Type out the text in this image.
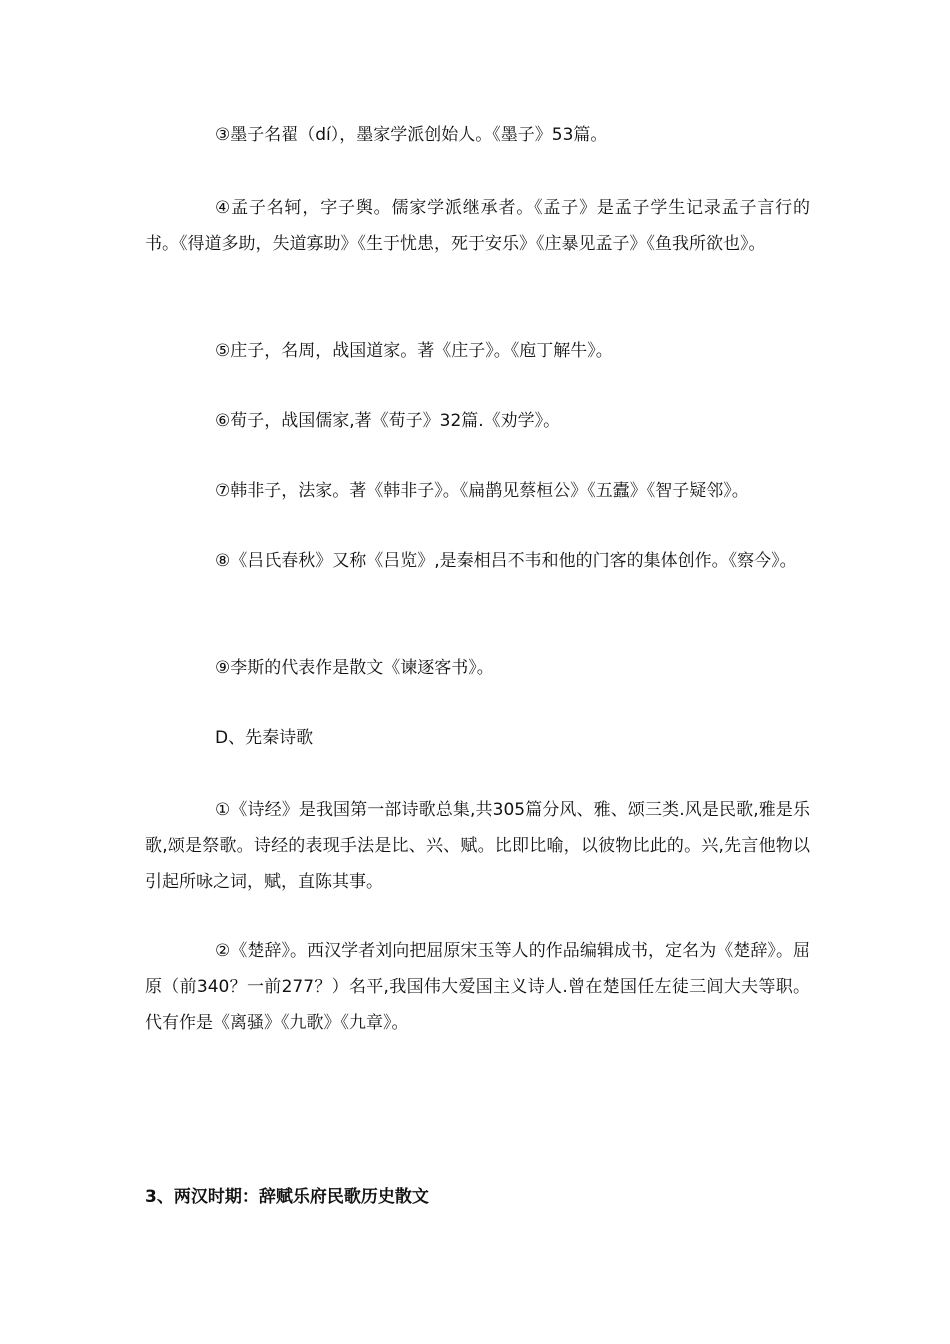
③墨子名翟（dí），墨家学派创始人。《墨子》53篇。

④孟子名轲，字子舆。儒家学派继承者。《孟子》是孟子学生记录孟子言行的书。《得道多助，失道寡助》《生于忧患，死于安乐》《庄暴见孟子》《鱼我所欲也》。

⑤庄子，名周，战国道家。著《庄子》。《庖丁解牛》。

⑥荀子，战国儒家,著《荀子》32篇.《劝学》。

⑦韩非子，法家。著《韩非子》。《扁鹊见蔡桓公》《五蠹》《智子疑邻》。

⑧《吕氏春秋》又称《吕览》,是秦相吕不韦和他的门客的集体创作。《察今》。

⑨李斯的代表作是散文《谏逐客书》。

D、先秦诗歌

①《诗经》是我国第一部诗歌总集,共305篇分风、雅、颂三类.风是民歌,雅是乐歌,颂是祭歌。诗经的表现手法是比、兴、赋。比即比喻，以彼物比此的。兴,先言他物以引起所咏之词，赋，直陈其事。

②《楚辞》。西汉学者刘向把屈原宋玉等人的作品编辑成书，定名为《楚辞》。屈原（前340？一前277？）名平,我国伟大爱国主义诗人.曾在楚国任左徒三闾大夫等职。代有作是《离骚》《九歌》《九章》。

3、两汉时期：辞赋乐府民歌历史散文
